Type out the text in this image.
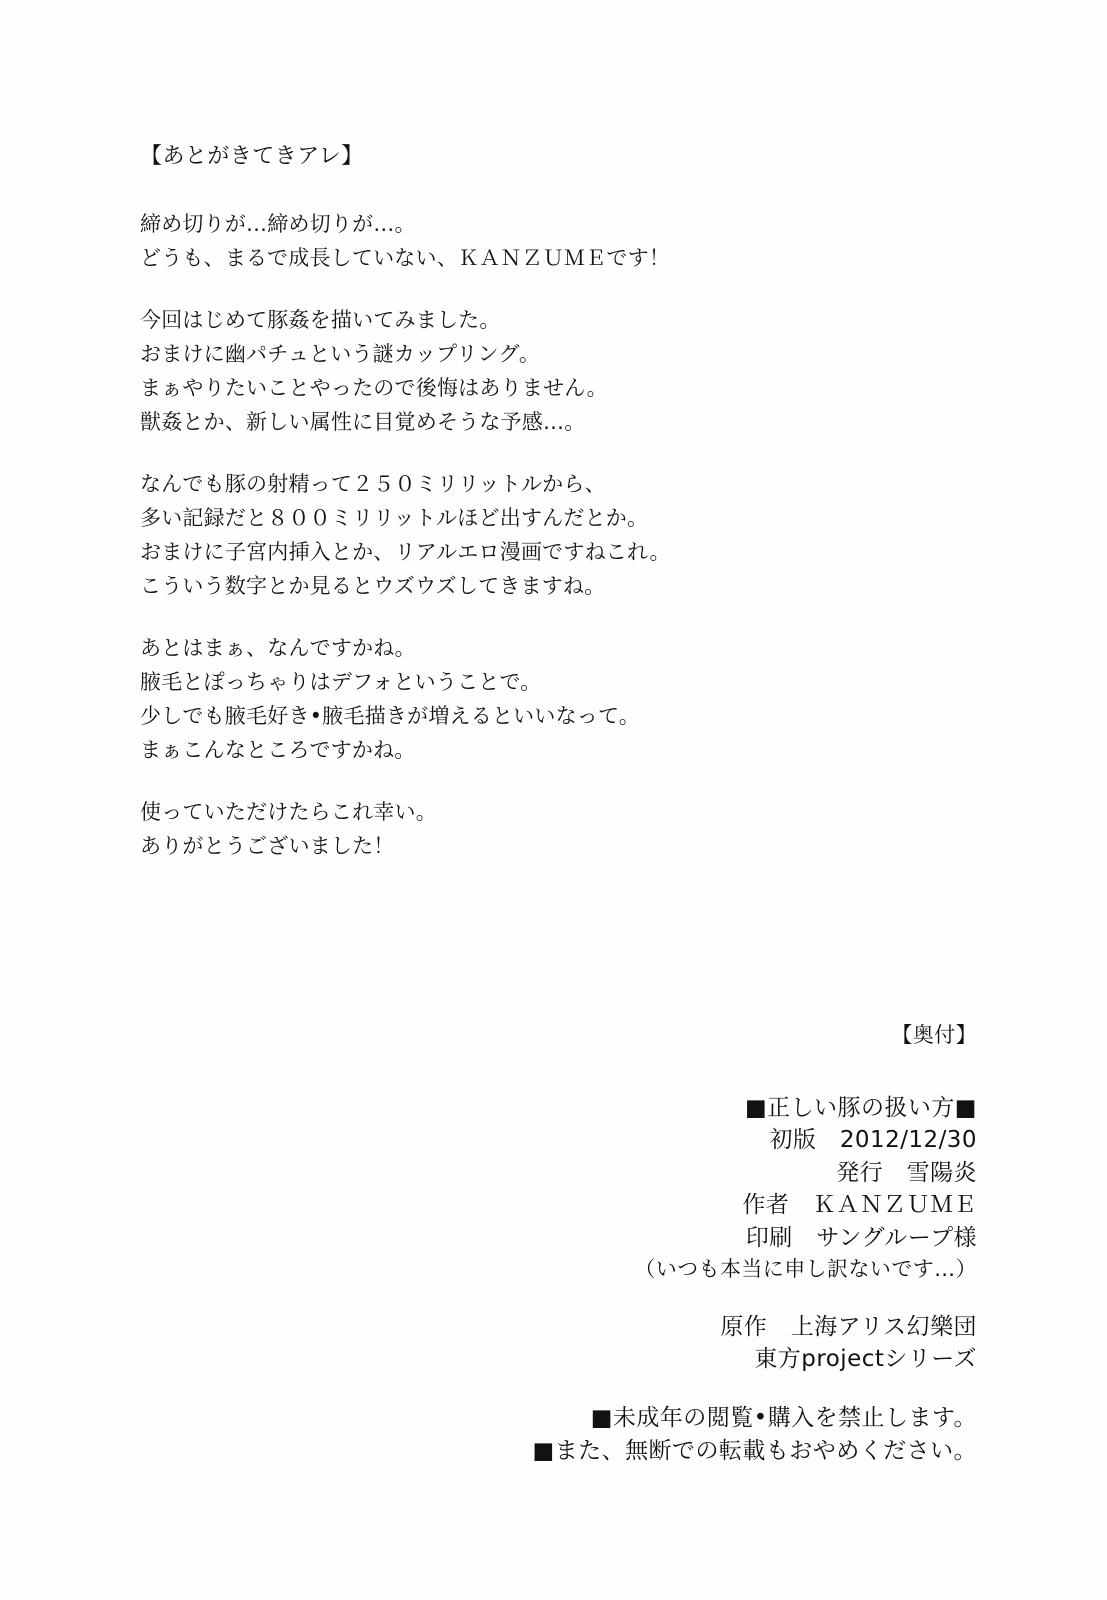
【あとがきてきアレ】
締め切りが…締め切りが…。
どうも、まるで成長していない、ＫＡＮＺＵＭＥです！
今回はじめて豚姦を描いてみました。
おまけに幽パチュという謎カップリング。
まぁやりたいことやったので後悔はありません。
獣姦とか、新しい属性に目覚めそうな予感…。
なんでも豚の射精って２５０ミリリットルから、
多い記録だと８００ミリリットルほど出すんだとか。
おまけに子宮内挿入とか、リアルエロ漫画ですねこれ。
こういう数字とか見るとウズウズしてきますね。
あとはまぁ、なんですかね。
腋毛とぽっちゃりはデフォということで。
少しでも腋毛好き•腋毛描きが増えるといいなって。
まぁこんなところですかね。
使っていただけたらこれ幸い。
ありがとうございました！
【奥付】
■正しい豚の扱い方■
初版　2012/12/30
発行　雪陽炎
作者　ＫＡＮＺＵＭＥ
印刷　サングループ様
（いつも本当に申し訳ないです…）
原作　上海アリス幻樂団
東方projectシリーズ
■未成年の閲覧•購入を禁止します。
■また、無断での転載もおやめください。
